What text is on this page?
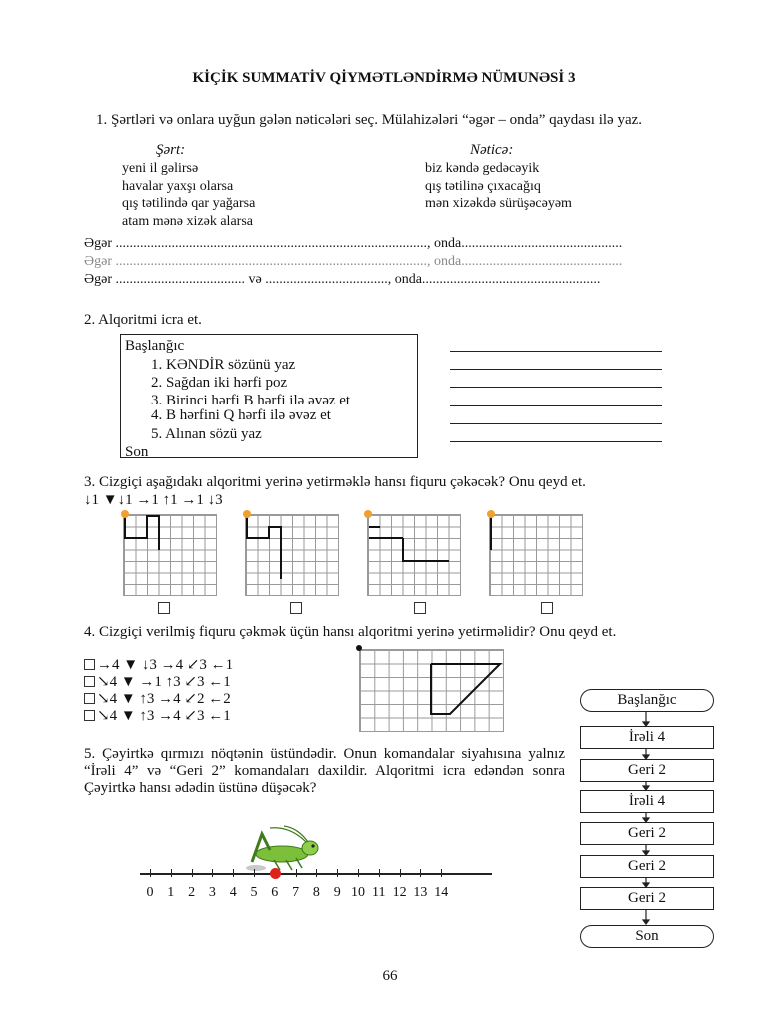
KİÇİK SUMMATİV QİYMƏTLƏNDİRMƏ NÜMUNƏSİ 3
1. Şərtləri və onlara uyğun gələn nəticələri seç. Mülahizələri “əgər – onda” qaydası ilə yaz.
Şərt:	Nəticə:
yeni il gəlirsə
havalar yaxşı olarsa
qış tətilində qar yağarsa
atam mənə xizək alarsa
biz kəndə gedəcəyik
qış tətilinə çıxacağıq
mən xizəkdə sürüşəcəyəm
Əgər ........................................................................................., onda..............................................
Əgər ........................................................................................., onda..............................................
Əgər ..................................... və ..................................., onda...................................................
2. Alqoritmi icra et.
Başlanğıc
1. KƏNDİR sözünü yaz
2. Sağdan iki hərfi poz
3. Birinci hərfi B hərfi ilə əvəz et
4. B hərfini Q hərfi ilə əvəz et
5. Alınan sözü yaz
Son
3. Cizgiçi aşağıdakı alqoritmi yerinə yetirməklə hansı fiquru çəkəcək? Onu qeyd et.
↓1 ▼↓1 →1 ↑1 →1 ↓3
4. Cizgiçi verilmiş fiquru çəkmək üçün hansı alqoritmi yerinə yetirməlidir? Onu qeyd et.
→4 ▼ ↓3 →4 ↙3 ←1
↘4 ▼ →1 ↑3 ↙3 ←1
↘4 ▼ ↑3 →4 ↙2 ←2
↘4 ▼ ↑3 →4 ↙3 ←1
5. Çəyirtkə qırmızı nöqtənin üstündədir. Onun komandalar siyahısına yalnız “İrəli 4” və “Geri 2” komandaları daxildir. Alqoritmi icra edəndən sonra Çəyirtkə hansı ədədin üstünə düşəcək?
0 1 2 3 4 5 6 7 8 9 10 11 12 13 14
Başlanğıc
İrəli 4
Geri 2
İrəli 4
Geri 2
Geri 2
Geri 2
Son
66
